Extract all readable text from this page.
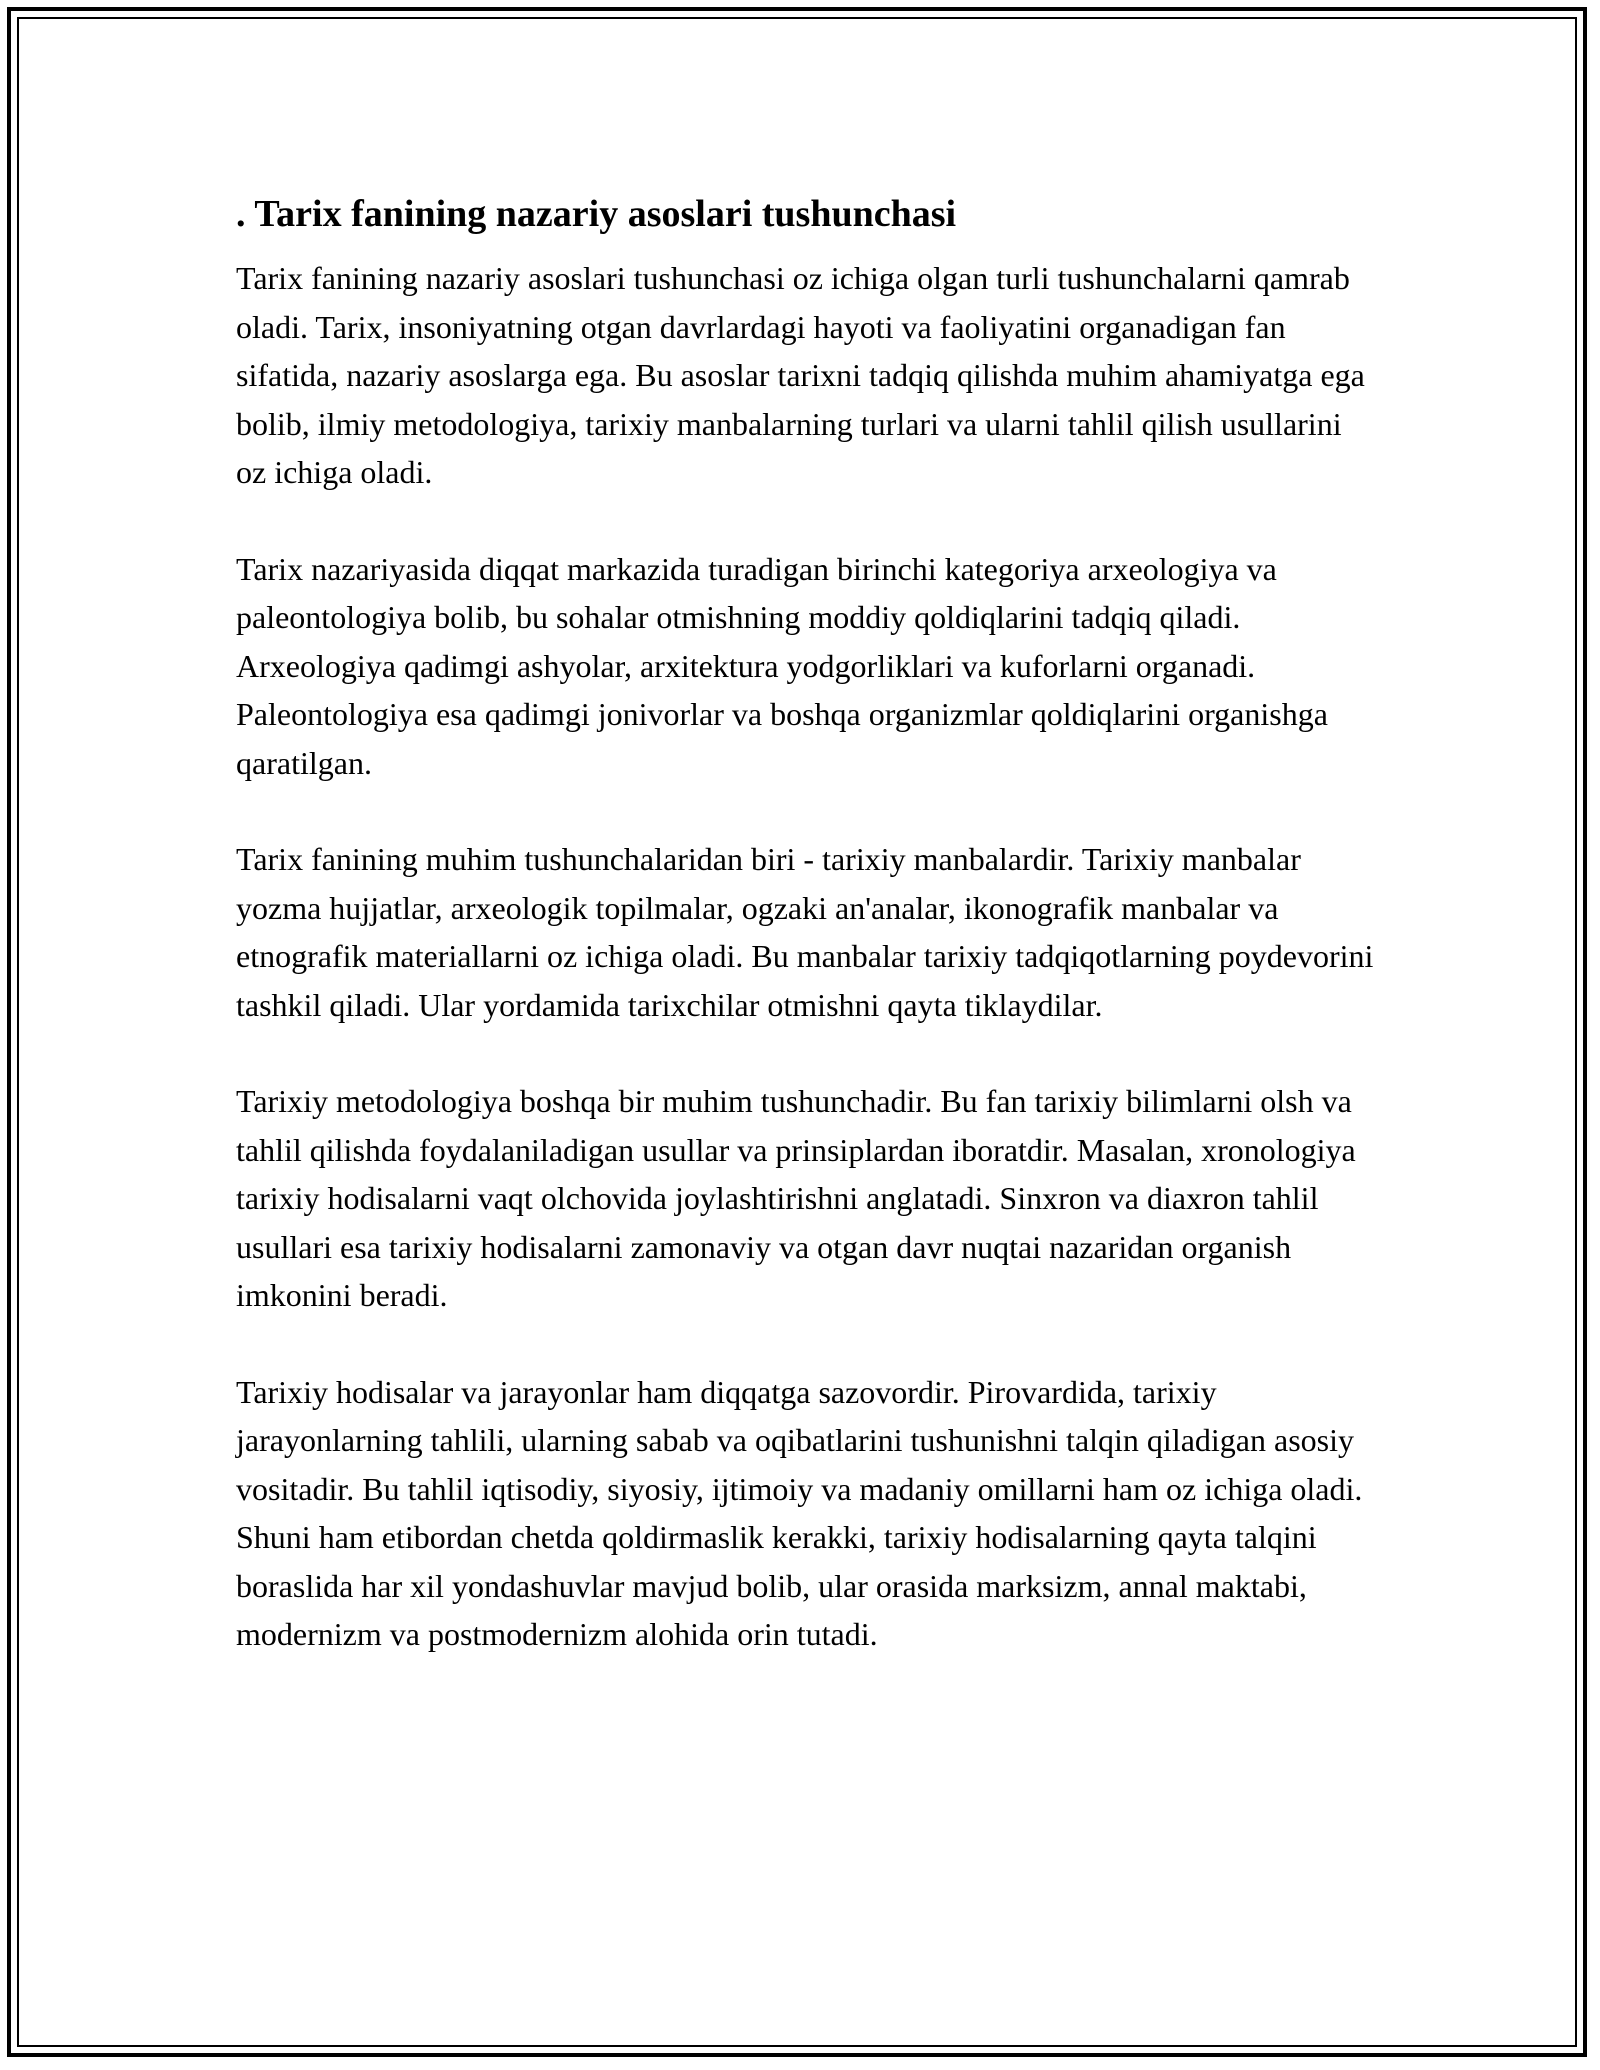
. Tarix fanining nazariy asoslari tushunchasi

Tarix fanining nazariy asoslari tushunchasi oz ichiga olgan turli tushunchalarni qamrab oladi. Tarix, insoniyatning otgan davrlardagi hayoti va faoliyatini organadigan fan sifatida, nazariy asoslarga ega. Bu asoslar tarixni tadqiq qilishda muhim ahamiyatga ega bolib, ilmiy metodologiya, tarixiy manbalarning turlari va ularni tahlil qilish usullarini oz ichiga oladi.

Tarix nazariyasida diqqat markazida turadigan birinchi kategoriya arxeologiya va paleontologiya bolib, bu sohalar otmishning moddiy qoldiqlarini tadqiq qiladi. Arxeologiya qadimgi ashyolar, arxitektura yodgorliklari va kuforlarni organadi. Paleontologiya esa qadimgi jonivorlar va boshqa organizmlar qoldiqlarini organishga qaratilgan.

Tarix fanining muhim tushunchalaridan biri - tarixiy manbalardir. Tarixiy manbalar yozma hujjatlar, arxeologik topilmalar, ogzaki an'analar, ikonografik manbalar va etnografik materiallarni oz ichiga oladi. Bu manbalar tarixiy tadqiqotlarning poydevorini tashkil qiladi. Ular yordamida tarixchilar otmishni qayta tiklaydilar.

Tarixiy metodologiya boshqa bir muhim tushunchadir. Bu fan tarixiy bilimlarni olsh va tahlil qilishda foydalaniladigan usullar va prinsiplardan iboratdir. Masalan, xronologiya tarixiy hodisalarni vaqt olchovida joylashtirishni anglatadi. Sinxron va diaxron tahlil usullari esa tarixiy hodisalarni zamonaviy va otgan davr nuqtai nazaridan organish imkonini beradi.

Tarixiy hodisalar va jarayonlar ham diqqatga sazovordir. Pirovardida, tarixiy jarayonlarning tahlili, ularning sabab va oqibatlarini tushunishni talqin qiladigan asosiy vositadir. Bu tahlil iqtisodiy, siyosiy, ijtimoiy va madaniy omillarni ham oz ichiga oladi. Shuni ham etibordan chetda qoldirmaslik kerakki, tarixiy hodisalarning qayta talqini boraslida har xil yondashuvlar mavjud bolib, ular orasida marksizm, annal maktabi, modernizm va postmodernizm alohida orin tutadi.
